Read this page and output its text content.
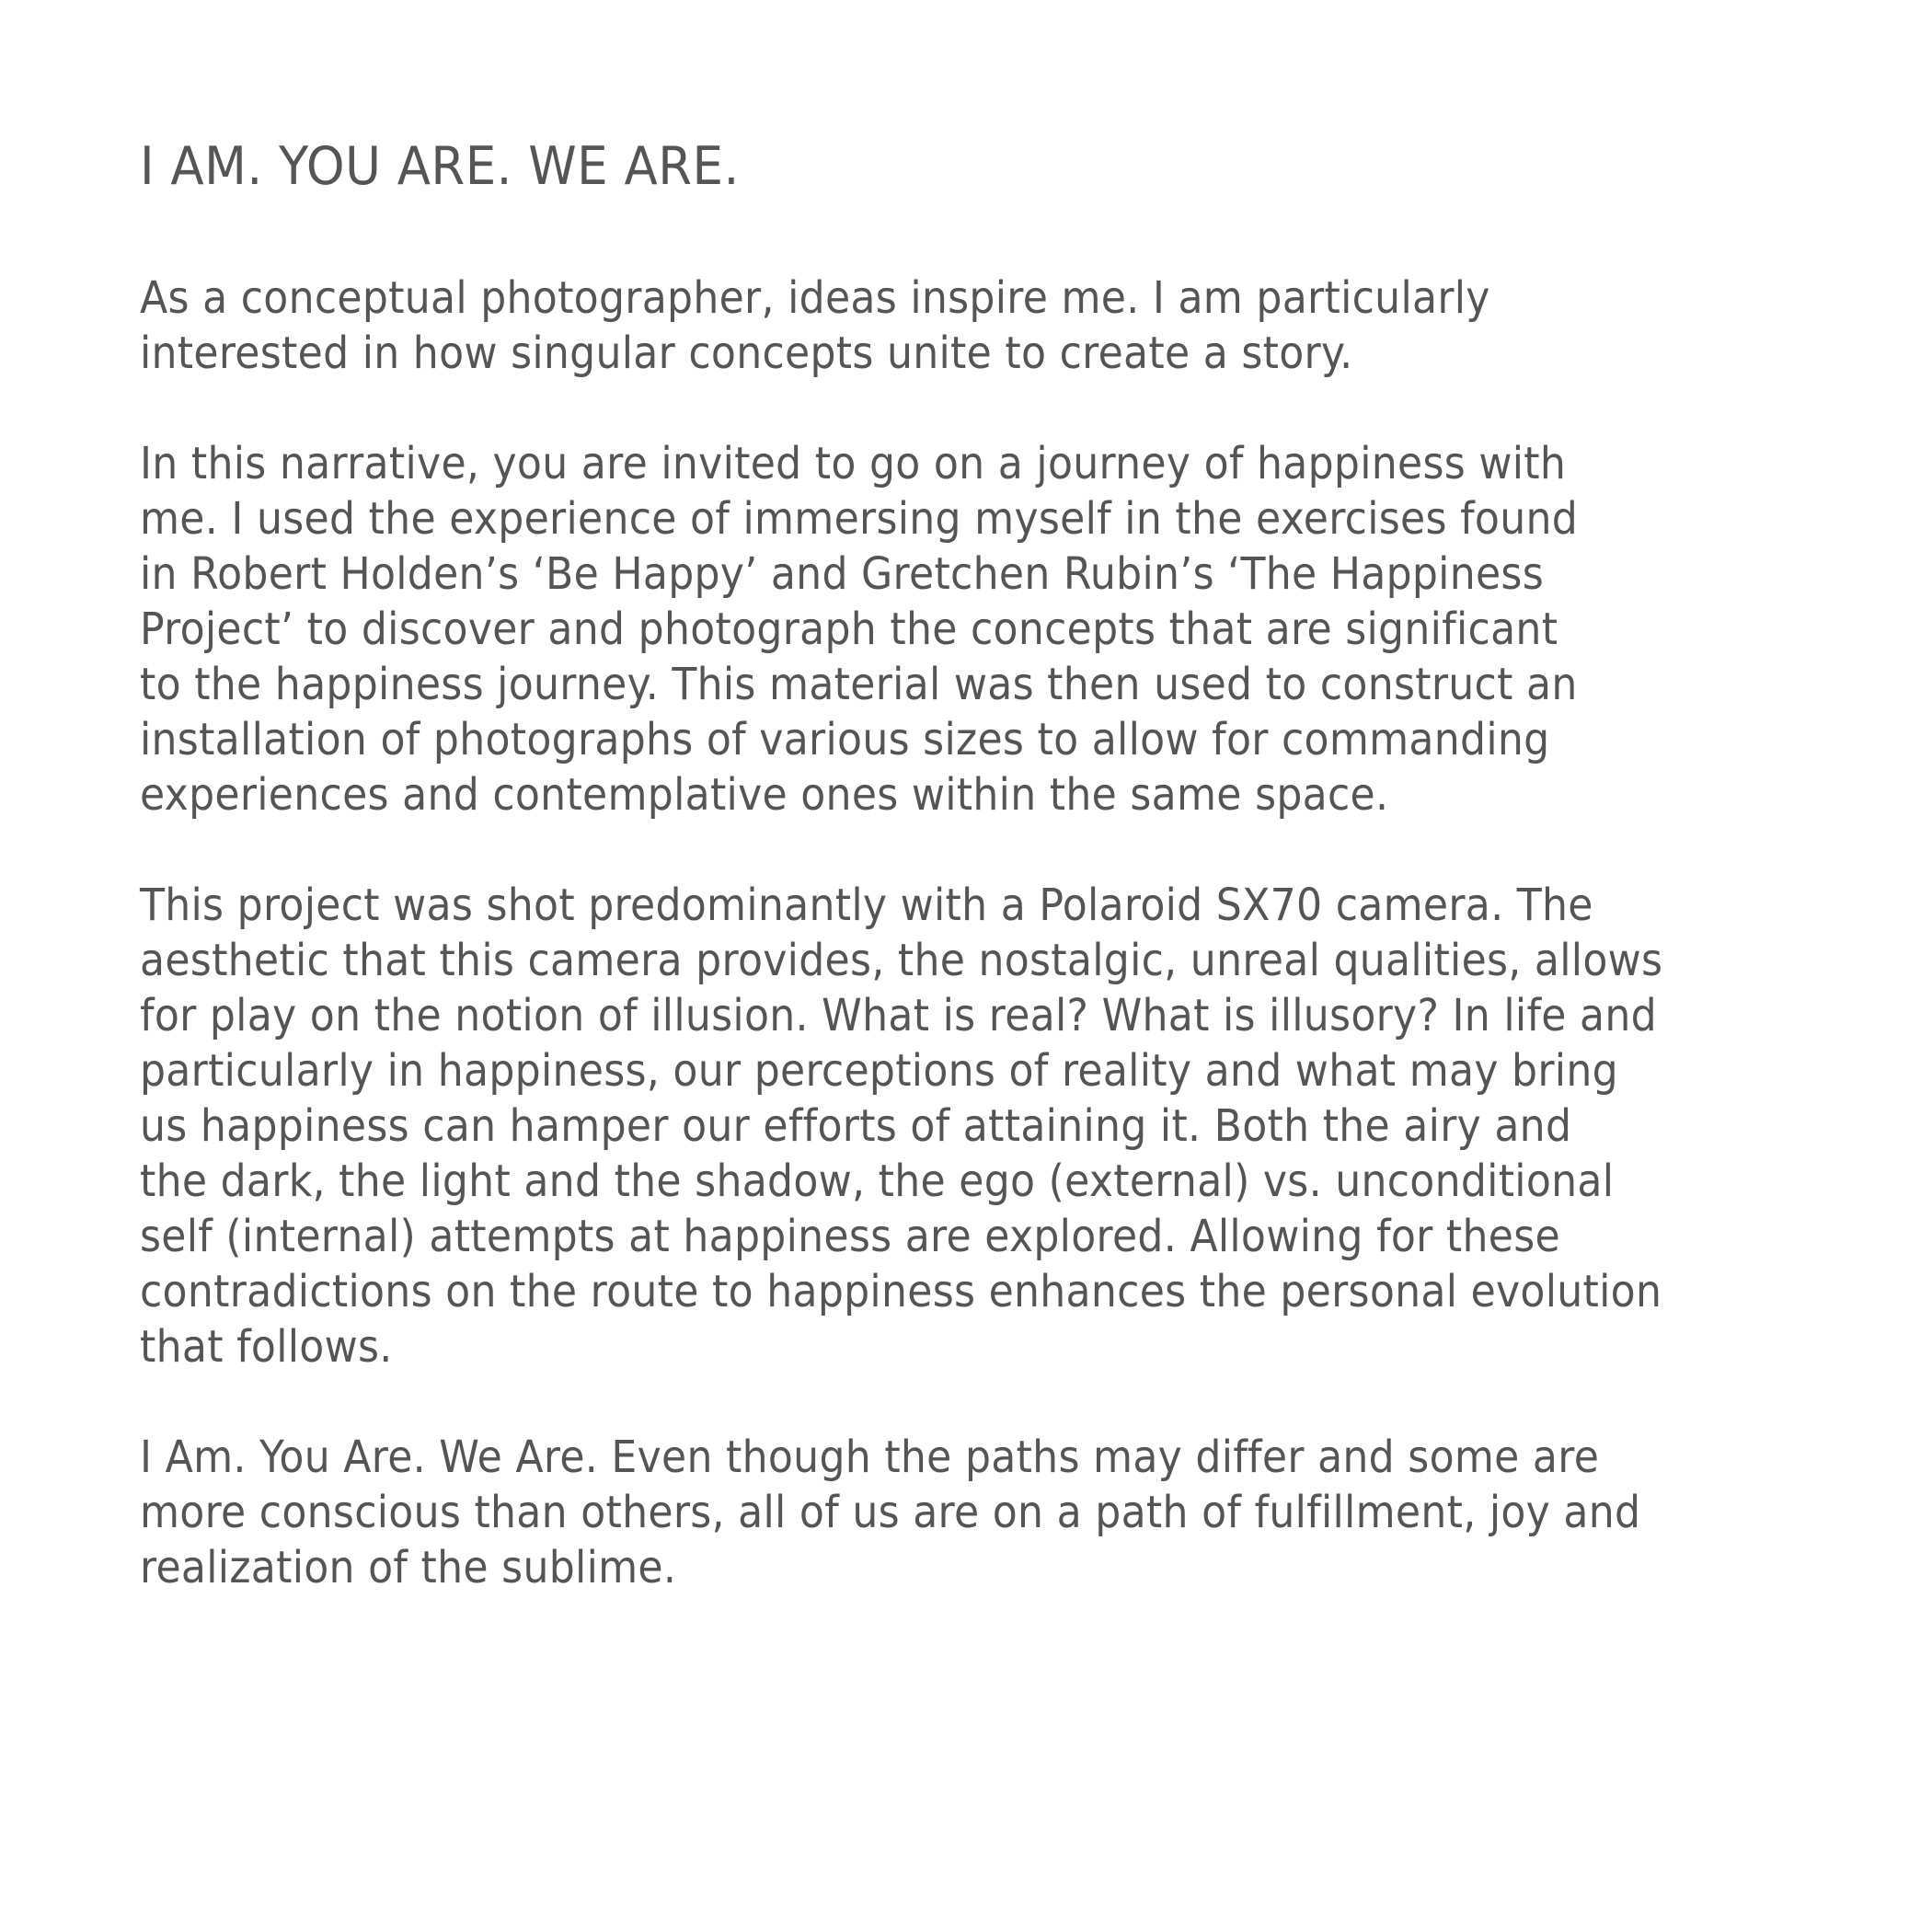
I AM. YOU ARE. WE ARE.

As a conceptual photographer, ideas inspire me. I am particularly
interested in how singular concepts unite to create a story.

In this narrative, you are invited to go on a journey of happiness with
me. I used the experience of immersing myself in the exercises found
in Robert Holden’s ‘Be Happy’ and Gretchen Rubin’s ‘The Happiness
Project’ to discover and photograph the concepts that are significant
to the happiness journey. This material was then used to construct an
installation of photographs of various sizes to allow for commanding
experiences and contemplative ones within the same space.

This project was shot predominantly with a Polaroid SX70 camera. The
aesthetic that this camera provides, the nostalgic, unreal qualities, allows
for play on the notion of illusion. What is real? What is illusory? In life and
particularly in happiness, our perceptions of reality and what may bring
us happiness can hamper our efforts of attaining it. Both the airy and
the dark, the light and the shadow, the ego (external) vs. unconditional
self (internal) attempts at happiness are explored. Allowing for these
contradictions on the route to happiness enhances the personal evolution
that follows.

I Am. You Are. We Are. Even though the paths may differ and some are
more conscious than others, all of us are on a path of fulfillment, joy and
realization of the sublime.
